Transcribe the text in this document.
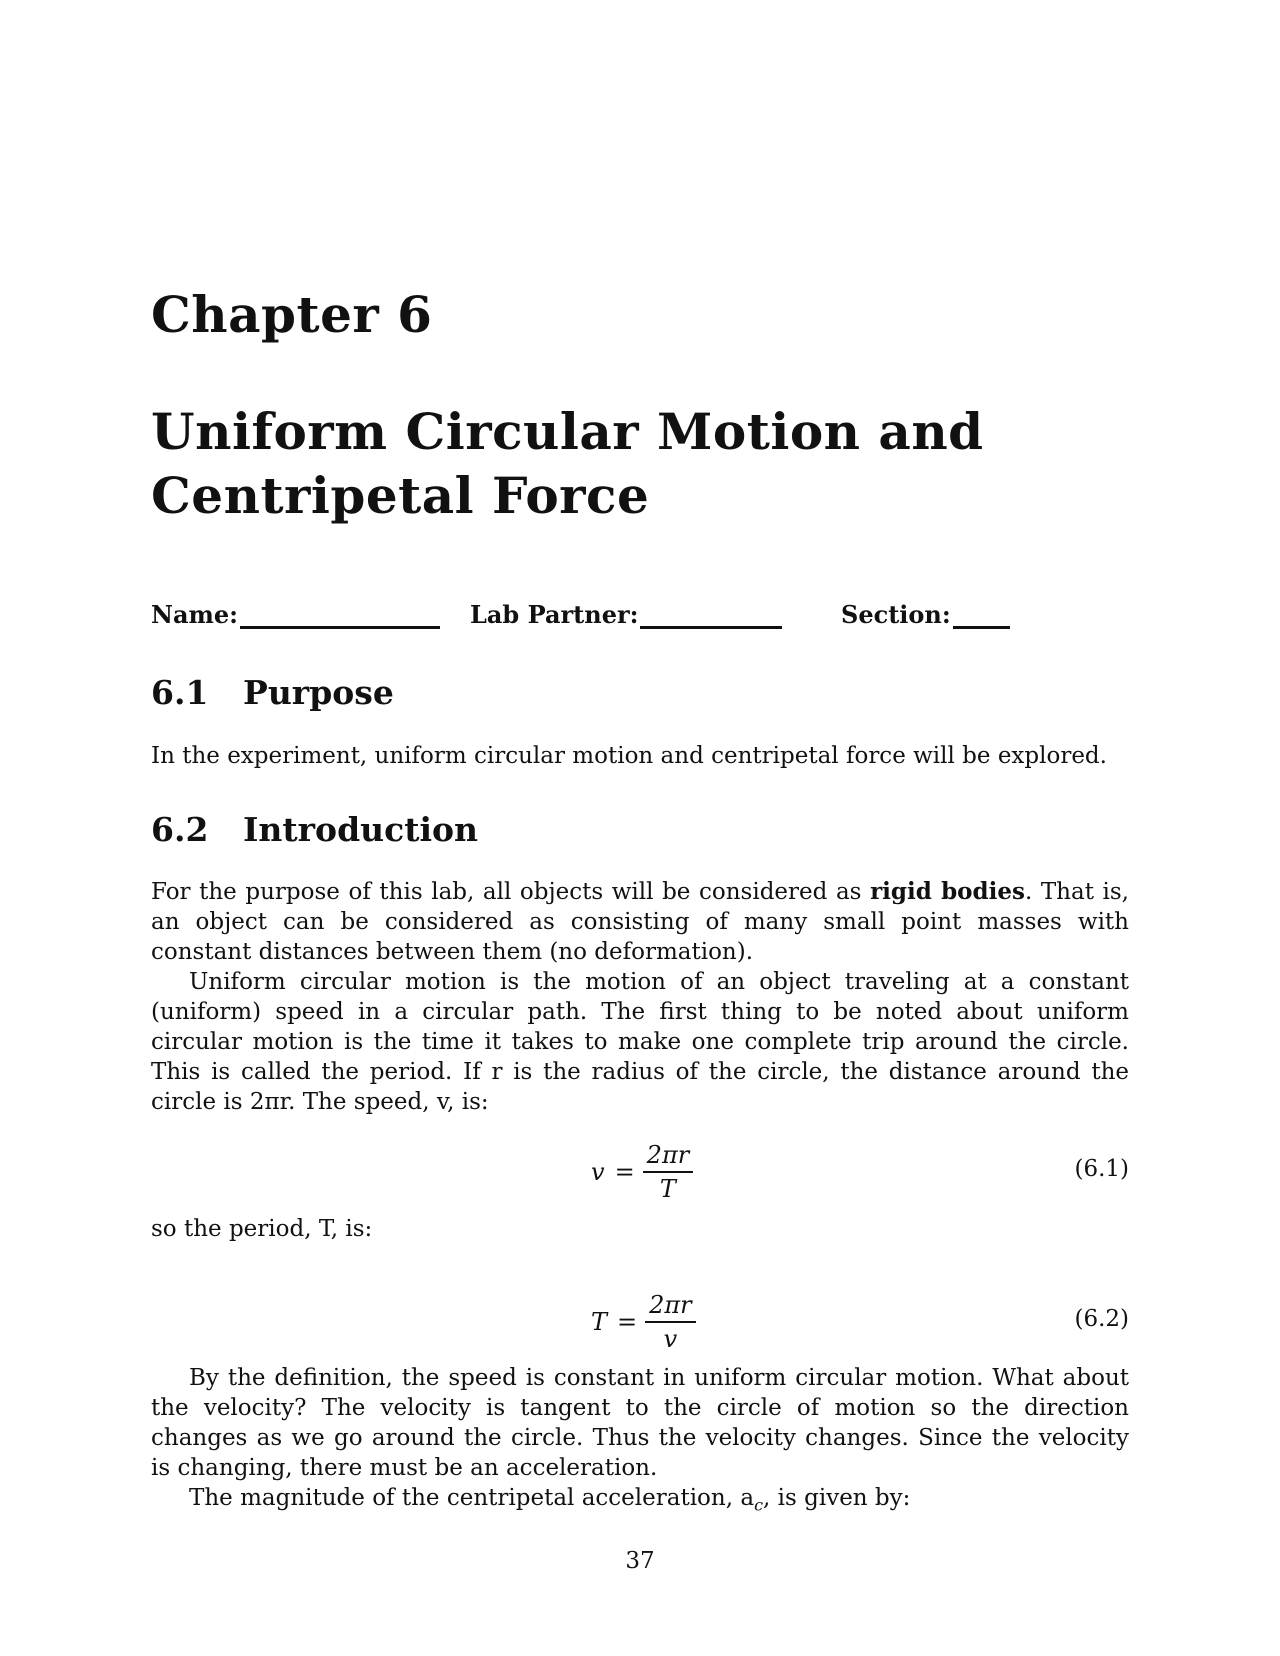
Chapter 6
Uniform Circular Motion and Centripetal Force
Name:	Lab Partner:	Section:
6.1 Purpose
In the experiment, uniform circular motion and centripetal force will be explored.
6.2 Introduction
For the purpose of this lab, all objects will be considered as rigid bodies. That is, an object can be considered as consisting of many small point masses with constant distances between them (no deformation).
Uniform circular motion is the motion of an object traveling at a constant (uniform) speed in a circular path. The first thing to be noted about uniform circular motion is the time it takes to make one complete trip around the circle. This is called the period. If r is the radius of the circle, the distance around the circle is 2πr. The speed, v, is:
$v = \frac{2\pi r}{T}$	(6.1)
so the period, T, is:
$T = \frac{2\pi r}{v}$	(6.2)
By the definition, the speed is constant in uniform circular motion. What about the velocity? The velocity is tangent to the circle of motion so the direction changes as we go around the circle. Thus the velocity changes. Since the velocity is changing, there must be an acceleration.
The magnitude of the centripetal acceleration, $a_c$, is given by:
37
